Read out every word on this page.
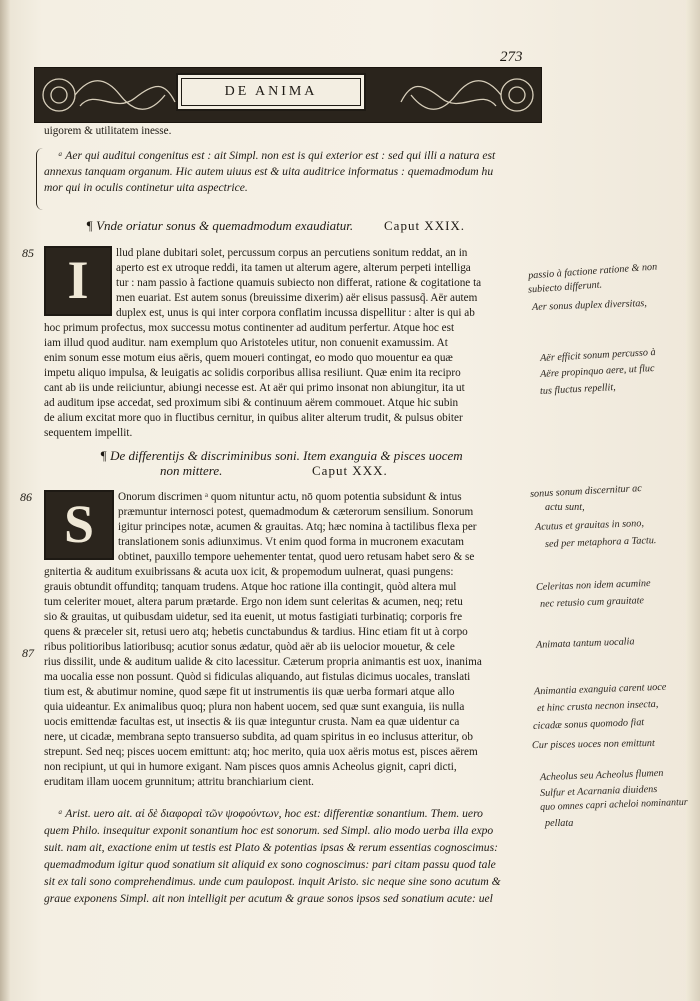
273
DE ANIMA
uigorem & utilitatem inesse.
ᵃ Aer qui auditui congenitus est : ait Simpl. non est is qui exterior est : sed qui illi a natura est
annexus tanquam organum. Hic autem uiuus est & uita auditrice informatus : quemadmodum hu
mor qui in oculis continetur uita aspectrice.
¶ Vnde oriatur sonus & quemadmodum exaudiatur. Caput XXIX.
85 I	llud plane dubitari solet, percussum corpus an percutiens sonitum reddat, an in
aperto est ex utroque reddi, ita tamen ut alterum agere, alterum perpeti intelliga
tur : nam passio à factione quamuis subiecto non differat, ratione & cogitatione ta
men euariat. Est autem sonus (breuissime dixerim) aër elisus passusq̃. Aër autem
duplex est, unus is qui inter corpora conflatim incussa dispellitur : alter is qui ab
hoc primum profectus, mox successu motus continenter ad auditum perfertur. Atque hoc est
iam illud quod auditur. nam exemplum quo Aristoteles utitur, non conuenit examussim. At
enim sonum esse motum eius aëris, quem moueri contingat, eo modo quo mouentur ea quæ
impetu aliquo impulsa, & leuigatis ac solidis corporibus allisa resiliunt. Quæ enim ita recipro
cant ab iis unde reiiciuntur, abiungi necesse est. At aër qui primo insonat non abiungitur, ita ut
ad auditum ipse accedat, sed proximum sibi & continuum aërem commouet. Atque hic subin
de alium excitat more quo in fluctibus cernitur, in quibus aliter alterum trudit, & pulsus obiter
sequentem impellit.
¶ De differentijs & discriminibus soni. Item exanguia & pisces uocem
non mittere.	Caput XXX.
86 S	Onorum discrimen ᵃ quom nituntur actu, nō quom potentia subsidunt & intus
præmuntur internosci potest, quemadmodum & cæterorum sensilium. Sonorum
igitur principes notæ, acumen & grauitas. Atq; hæc nomina à tactilibus flexa per
translationem sonis adiunximus. Vt enim quod forma in mucronem exacutam
obtinet, pauxillo tempore uehementer tentat, quod uero retusam habet sero & se
gnitertia & auditum exuibrissans & acuta uox icit, & propemodum uulnerat, quasi pungens:
grauis obtundit offunditq; tanquam trudens. Atque hoc ratione illa contingit, quòd altera mul
tum celeriter mouet, altera parum prætarde. Ergo non idem sunt celeritas & acumen, neq; retu
sio & grauitas, ut quibusdam uidetur, sed ita euenit, ut motus fastigiati turbinatiq; corporis fre
quens & præceler sit, retusi uero atq; hebetis cunctabundus & tardius. Hinc etiam fit ut à corpo
ribus politioribus latioribusq; acutior sonus ædatur, quòd aër ab iis uelocior mouetur, & cele
87
rius dissilit, unde & auditum ualide & cito lacessitur. Cæterum propria animantis est uox, inanima
ma uocalia esse non possunt. Quòd si fidiculas aliquando, aut fistulas dicimus uocales, translati
tium est, & abutimur nomine, quod sæpe fit ut instrumentis iis quæ uerba formari atque allo
quia uideantur. Ex animalibus quoq; plura non habent uocem, sed quæ sunt exanguia, iis nulla
uocis emittendæ facultas est, ut insectis & iis quæ integuntur crusta. Nam ea quæ uidentur ca
nere, ut cicadæ, membrana septo transuerso subdita, ad quam spiritus in eo inclusus atteritur, ob
strepunt. Sed neq; pisces uocem emittunt: atq; hoc merito, quia uox aëris motus est, pisces aërem
non recipiunt, ut qui in humore exigant. Nam pisces quos amnis Acheolus gignit, capri dicti,
eruditam illam uocem grunnitum; attritu branchiarium cient.
ᵃ Arist. uero ait. αἱ δὲ διαφοραὶ τῶν ψοφούντων, hoc est: differentiæ sonantium. Them. uero
quem Philo. insequitur exponit sonantium hoc est sonorum. sed Simpl. alio modo uerba illa expo
suit. nam ait, exactione enim ut testis est Plato & potentias ipsas & rerum essentias cognoscimus:
quemadmodum igitur quod sonatium sit aliquid ex sono cognoscimus: pari citam passu quod tale
sit ex tali sono comprehendimus. unde cum paulopost. inquit Aristo. sic neque sine sono acutum &
graue exponens Simpl. ait non intelligit per acutum & graue sonos ipsos sed sonatium acute: uel
passio à factione ratione & non
subiecto differunt.
Aer sonus duplex diversitas,
Aër efficit sonum percusso à
Aëre propinquo aere, ut fluc
tus fluctus repellit,
sonus sonum discernitur ac
actu sunt,
Acutus et grauitas in sono,
sed per metaphora a Tactu.
Celeritas non idem acumine
nec retusio cum grauitate
Animata tantum uocalia
Animantia exanguia carent uoce
et hinc crusta necnon insecta,
cicadæ sonus quomodo fiat
Cur pisces uoces non emittunt
Acheolus seu Acheolus flumen
Sulfur et Acarnania diuidens
quo omnes capri acheloi nominantur
pellata
